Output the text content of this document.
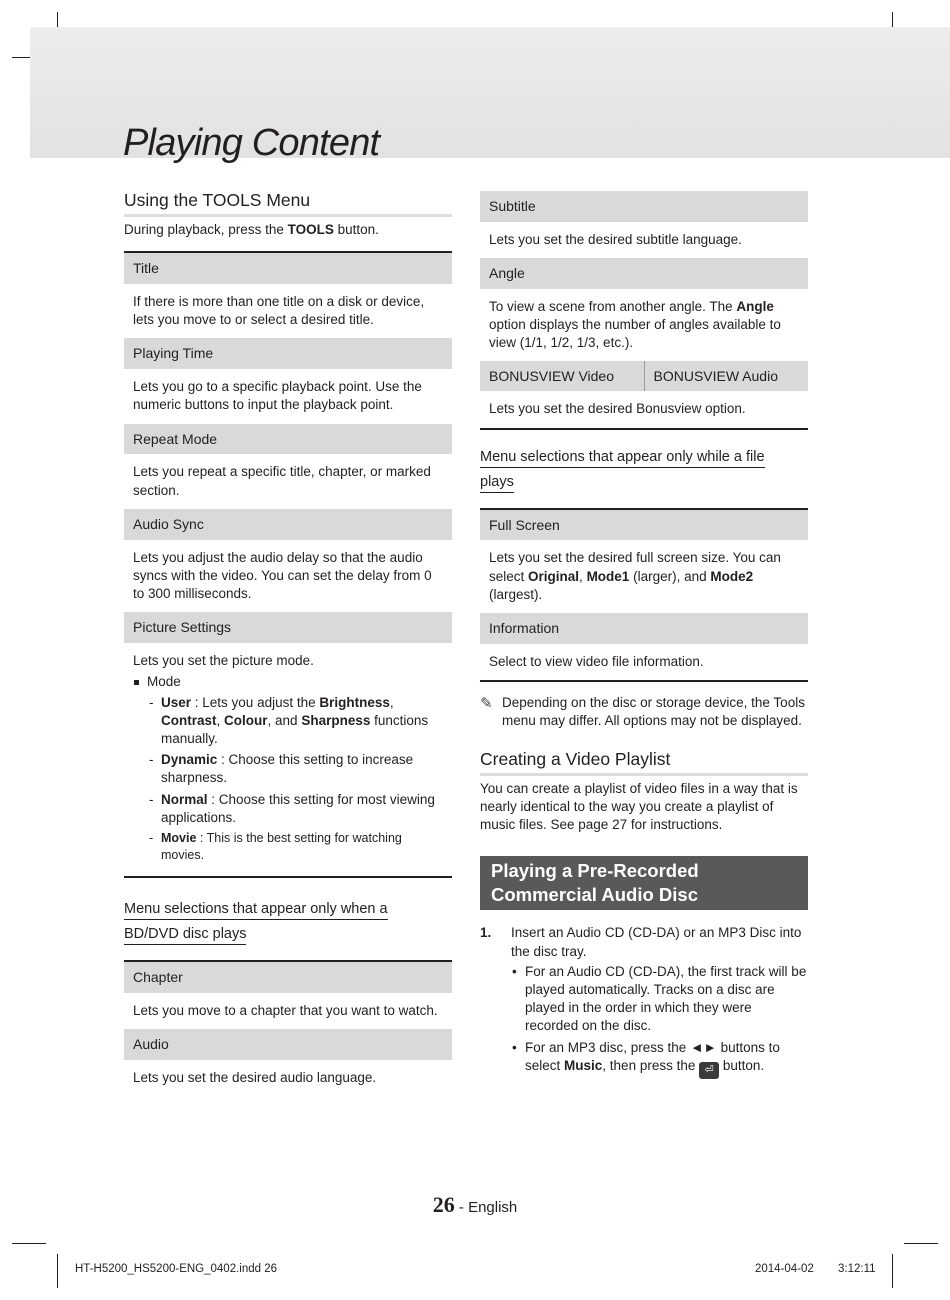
Playing Content
Using the TOOLS Menu

During playback, press the TOOLS button.

Title
If there is more than one title on a disk or device, lets you move to or select a desired title.
Playing Time
Lets you go to a specific playback point. Use the numeric buttons to input the playback point.
Repeat Mode
Lets you repeat a specific title, chapter, or marked section.
Audio Sync
Lets you adjust the audio delay so that the audio syncs with the video. You can set the delay from 0 to 300 milliseconds.
Picture Settings
Lets you set the picture mode.
Mode
- User : Lets you adjust the Brightness, Contrast, Colour, and Sharpness functions manually.
- Dynamic : Choose this setting to increase sharpness.
- Normal : Choose this setting for most viewing applications.
- Movie : This is the best setting for watching movies.
Menu selections that appear only when a
BD/DVD disc plays
Chapter
Lets you move to a chapter that you want to watch.
Audio
Lets you set the desired audio language.
Subtitle
Lets you set the desired subtitle language.
Angle
To view a scene from another angle. The Angle option displays the number of angles available to view (1/1, 1/2, 1/3, etc.).
BONUSVIEW Video	BONUSVIEW Audio
Lets you set the desired Bonusview option.
Menu selections that appear only while a file
plays
Full Screen
Lets you set the desired full screen size. You can select Original, Mode1 (larger), and Mode2 (largest).
Information
Select to view video file information.
✎ Depending on the disc or storage device, the Tools menu may differ. All options may not be displayed.
Creating a Video Playlist

You can create a playlist of video files in a way that is nearly identical to the way you create a playlist of music files. See page 27 for instructions.

Playing a Pre-Recorded
Commercial Audio Disc
1. Insert an Audio CD (CD-DA) or an MP3 Disc into the disc tray.
• For an Audio CD (CD-DA), the first track will be played automatically. Tracks on a disc are played in the order in which they were recorded on the disc.
• For an MP3 disc, press the ◄► buttons to select Music, then press the ⏎ button.
26 - English
HT-H5200_HS5200-ENG_0402.indd 26	2014-04-02 3:12:11
